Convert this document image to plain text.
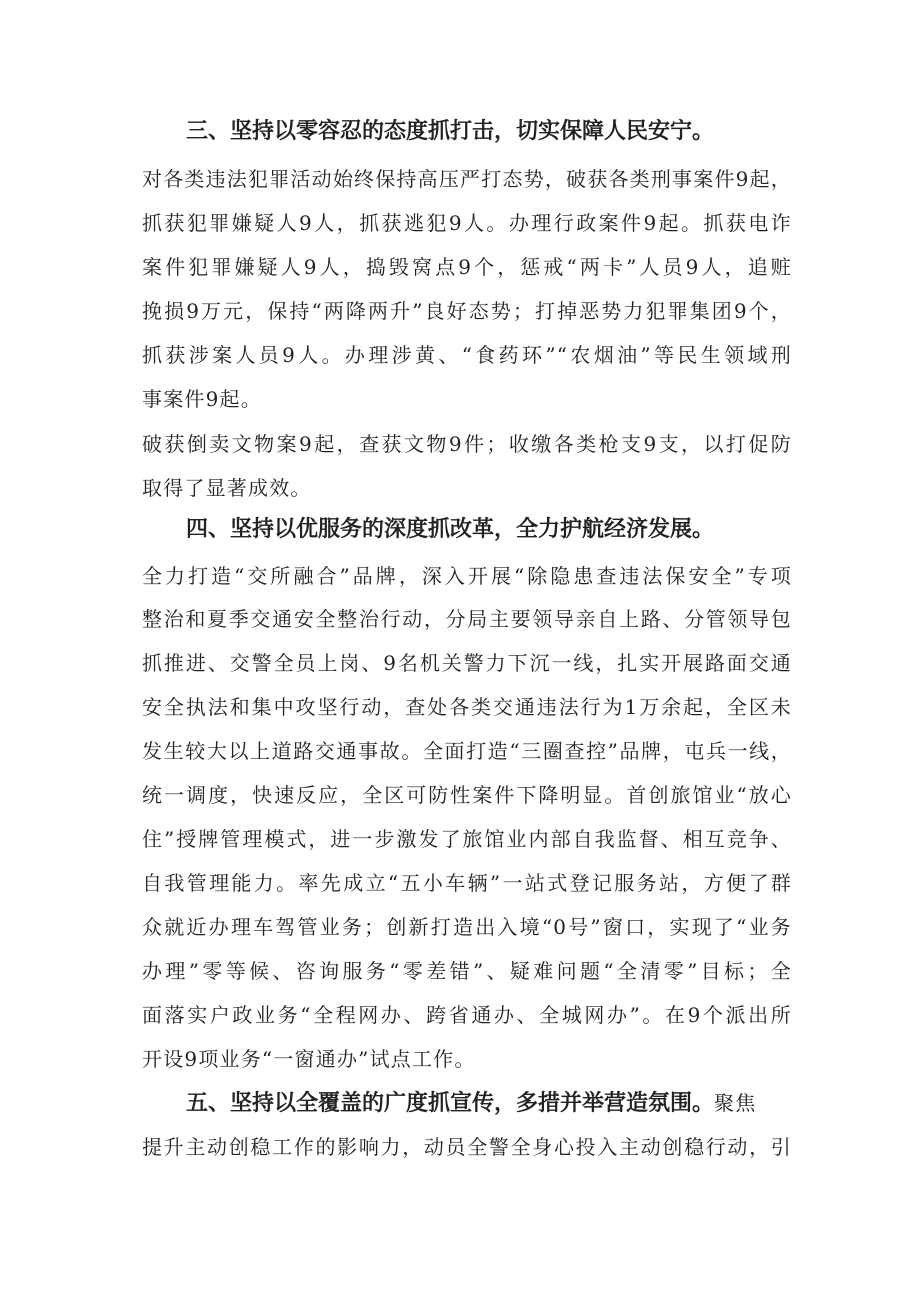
三、坚持以零容忍的态度抓打击，切实保障人民安宁。
对各类违法犯罪活动始终保持高压严打态势，破获各类刑事案件9起，
抓获犯罪嫌疑人9人，抓获逃犯9人。办理行政案件9起。抓获电诈
案件犯罪嫌疑人9人，捣毁窝点9个，惩戒“两卡”人员9人，追赃
挽损9万元，保持“两降两升”良好态势；打掉恶势力犯罪集团9个，
抓获涉案人员9人。办理涉黄、“食药环”“农烟油”等民生领域刑
事案件9起。
破获倒卖文物案9起，查获文物9件；收缴各类枪支9支，以打促防
取得了显著成效。
四、坚持以优服务的深度抓改革，全力护航经济发展。
全力打造“交所融合”品牌，深入开展“除隐患查违法保安全”专项
整治和夏季交通安全整治行动，分局主要领导亲自上路、分管领导包
抓推进、交警全员上岗、9名机关警力下沉一线，扎实开展路面交通
安全执法和集中攻坚行动，查处各类交通违法行为1万余起，全区未
发生较大以上道路交通事故。全面打造“三圈查控”品牌，屯兵一线，
统一调度，快速反应，全区可防性案件下降明显。首创旅馆业“放心
住”授牌管理模式，进一步激发了旅馆业内部自我监督、相互竞争、
自我管理能力。率先成立“五小车辆”一站式登记服务站，方便了群
众就近办理车驾管业务；创新打造出入境“0号”窗口，实现了“业务
办理”零等候、咨询服务“零差错”、疑难问题“全清零”目标；全
面落实户政业务“全程网办、跨省通办、全城网办”。在9个派出所
开设9项业务“一窗通办”试点工作。
五、坚持以全覆盖的广度抓宣传，多措并举营造氛围。聚焦
提升主动创稳工作的影响力，动员全警全身心投入主动创稳行动，引
